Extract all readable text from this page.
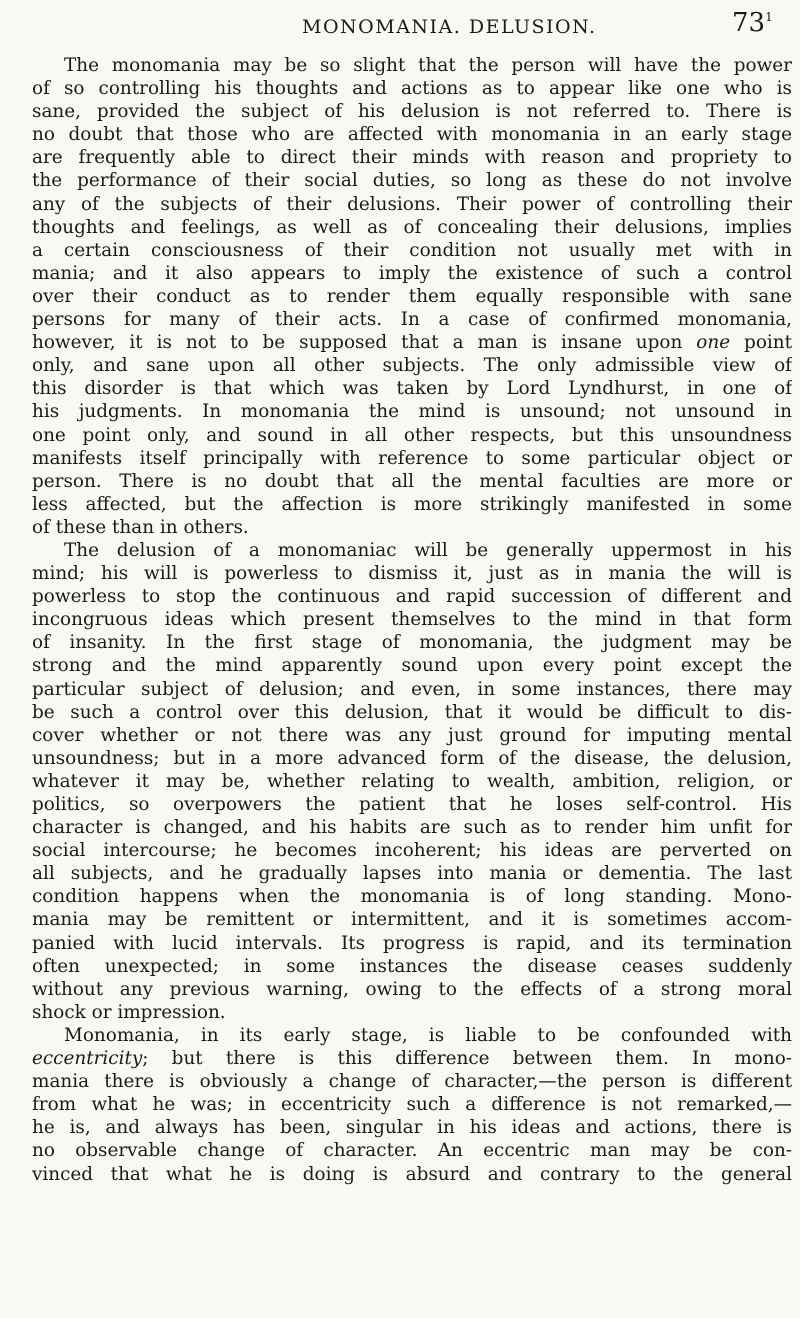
MONOMANIA. DELUSION.	$73^1$
The monomania may be so slight that the person will have the power
of so controlling his thoughts and actions as to appear like one who is
sane, provided the subject of his delusion is not referred to. There is
no doubt that those who are affected with monomania in an early stage
are frequently able to direct their minds with reason and propriety to
the performance of their social duties, so long as these do not involve
any of the subjects of their delusions. Their power of controlling their
thoughts and feelings, as well as of concealing their delusions, implies
a certain consciousness of their condition not usually met with in
mania; and it also appears to imply the existence of such a control
over their conduct as to render them equally responsible with sane
persons for many of their acts. In a case of confirmed monomania,
however, it is not to be supposed that a man is insane upon one point
only, and sane upon all other subjects. The only admissible view of
this disorder is that which was taken by Lord Lyndhurst, in one of
his judgments. In monomania the mind is unsound; not unsound in
one point only, and sound in all other respects, but this unsoundness
manifests itself principally with reference to some particular object or
person. There is no doubt that all the mental faculties are more or
less affected, but the affection is more strikingly manifested in some
of these than in others.
The delusion of a monomaniac will be generally uppermost in his
mind; his will is powerless to dismiss it, just as in mania the will is
powerless to stop the continuous and rapid succession of different and
incongruous ideas which present themselves to the mind in that form
of insanity. In the first stage of monomania, the judgment may be
strong and the mind apparently sound upon every point except the
particular subject of delusion; and even, in some instances, there may
be such a control over this delusion, that it would be difficult to dis-
cover whether or not there was any just ground for imputing mental
unsoundness; but in a more advanced form of the disease, the delusion,
whatever it may be, whether relating to wealth, ambition, religion, or
politics, so overpowers the patient that he loses self-control. His
character is changed, and his habits are such as to render him unfit for
social intercourse; he becomes incoherent; his ideas are perverted on
all subjects, and he gradually lapses into mania or dementia. The last
condition happens when the monomania is of long standing. Mono-
mania may be remittent or intermittent, and it is sometimes accom-
panied with lucid intervals. Its progress is rapid, and its termination
often unexpected; in some instances the disease ceases suddenly
without any previous warning, owing to the effects of a strong moral
shock or impression.
Monomania, in its early stage, is liable to be confounded with
eccentricity; but there is this difference between them. In mono-
mania there is obviously a change of character,—the person is different
from what he was; in eccentricity such a difference is not remarked,—
he is, and always has been, singular in his ideas and actions, there is
no observable change of character. An eccentric man may be con-
vinced that what he is doing is absurd and contrary to the general
